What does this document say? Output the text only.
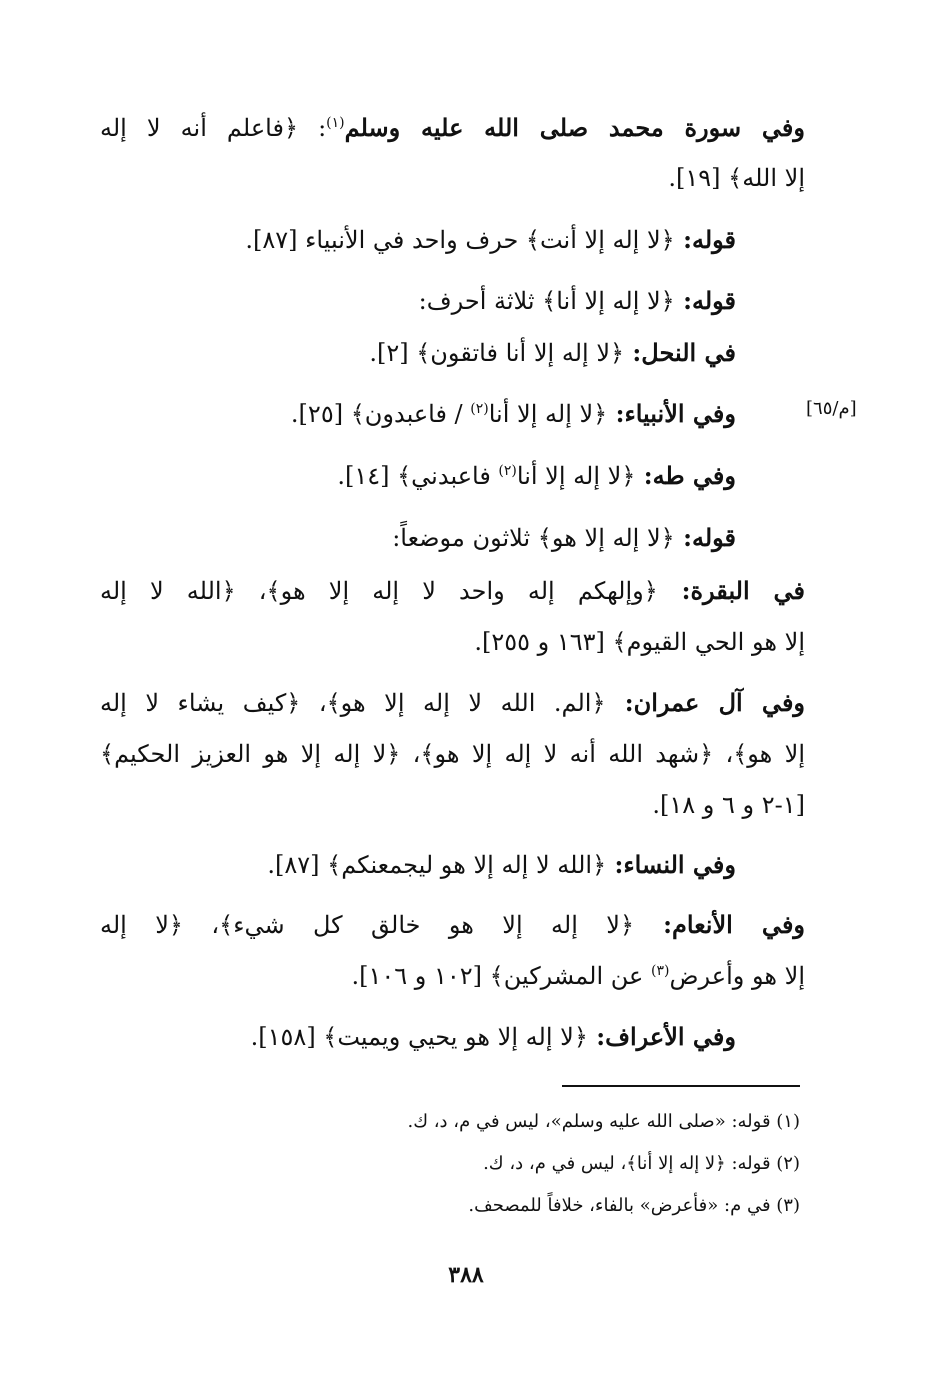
وفي سورة محمد صلى الله عليه وسلم$^{(١)}$: ﴿فاعلم أنه لا إله
إلا الله﴾ [١٩].
قوله: ﴿لا إله إلا أنت﴾ حرف واحد في الأنبياء [٨٧].
قوله: ﴿لا إله إلا أنا﴾ ثلاثة أحرف:
في النحل: ﴿لا إله إلا أنا فاتقون﴾ [٢].
وفي الأنبياء: ﴿لا إله إلا أنا$^{(٢)}$ / فاعبدون﴾ [٢٥].
وفي طه: ﴿لا إله إلا أنا$^{(٢)}$ فاعبدني﴾ [١٤].
قوله: ﴿لا إله إلا هو﴾ ثلاثون موضعاً:
في البقرة: ﴿وإلهكم إله واحد لا إله إلا هو﴾، ﴿الله لا إله
إلا هو الحي القيوم﴾ [١٦٣ و ٢٥٥].
وفي آل عمران: ﴿الم. الله لا إله إلا هو﴾، ﴿كيف يشاء لا إله
إلا هو﴾، ﴿شهد الله أنه لا إله إلا هو﴾، ﴿لا إله إلا هو العزيز الحكيم﴾
[١-٢ و ٦ و ١٨].
وفي النساء: ﴿الله لا إله إلا هو ليجمعنكم﴾ [٨٧].
وفي الأنعام: ﴿لا إله إلا هو خالق كل شيء﴾، ﴿لا إله
إلا هو وأعرض$^{(٣)}$ عن المشركين﴾ [١٠٢ و ١٠٦].
وفي الأعراف: ﴿لا إله إلا هو يحيي ويميت﴾ [١٥٨].
[م/٦٥]
(١) قوله: «صلى الله عليه وسلم»، ليس في م، د، ك.
(٢) قوله: ﴿لا إله إلا أنا﴾، ليس في م، د، ك.
(٣) في م: «فأعرض» بالفاء، خلافاً للمصحف.
٣٨٨
